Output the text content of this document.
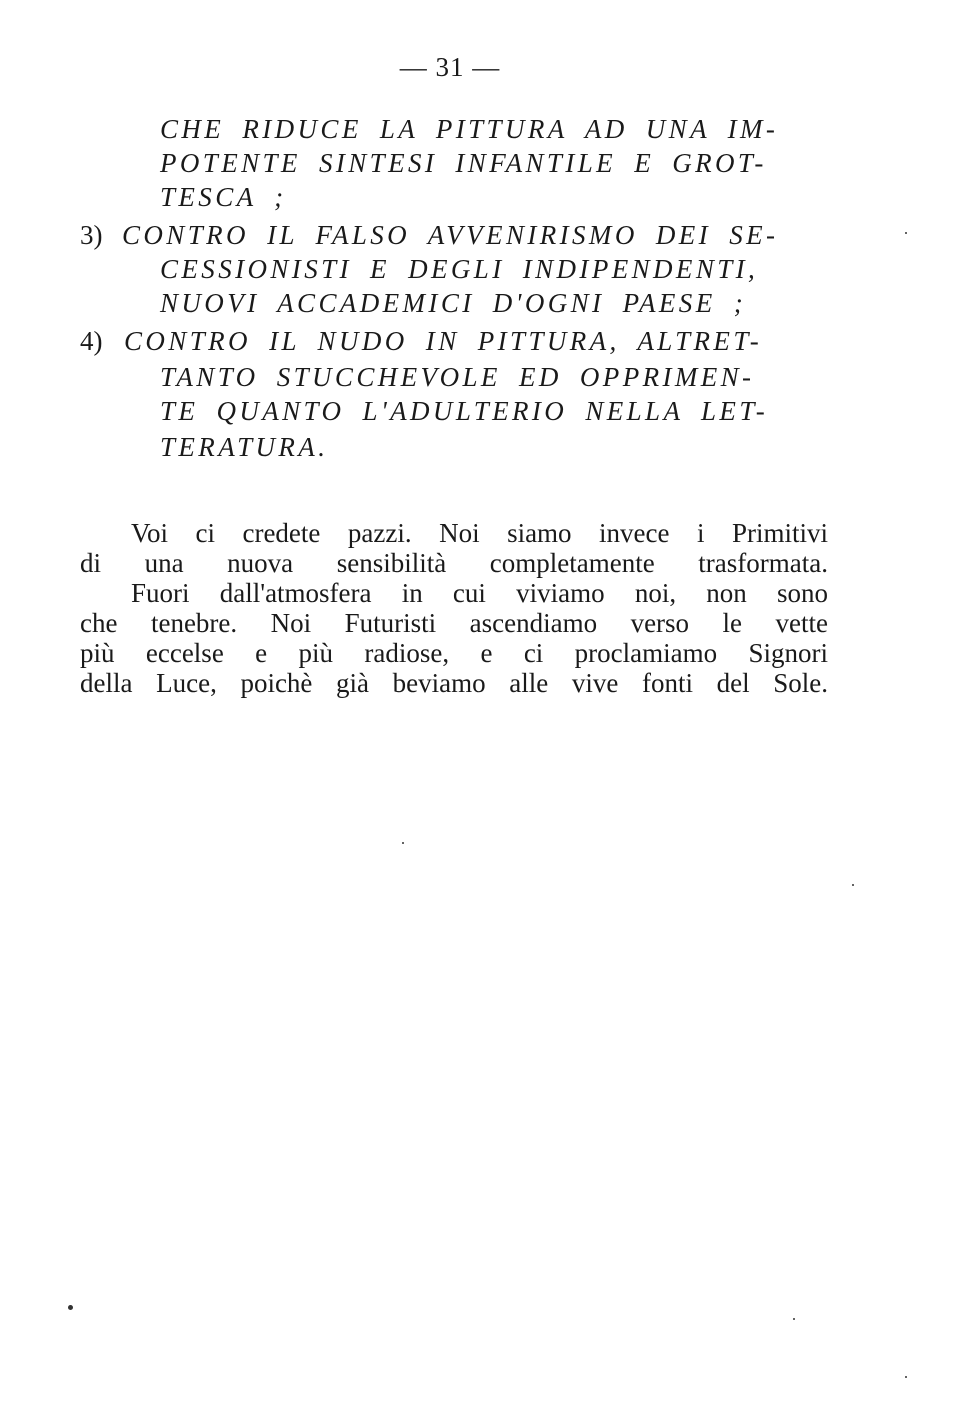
— 31 —
CHE RIDUCE LA PITTURA AD UNA IM-
POTENTE SINTESI INFANTILE E GROT-
TESCA ;
3) CONTRO IL FALSO AVVENIRISMO DEI SE-
CESSIONISTI E DEGLI INDIPENDENTI,
NUOVI ACCADEMICI D'OGNI PAESE ;
4) CONTRO IL NUDO IN PITTURA, ALTRET-
TANTO STUCCHEVOLE ED OPPRIMEN-
TE QUANTO L'ADULTERIO NELLA LET-
TERATURA.
Voi ci credete pazzi. Noi siamo invece i Primitivi
di una nuova sensibilità completamente trasformata.
Fuori dall'atmosfera in cui viviamo noi, non sono
che tenebre. Noi Futuristi ascendiamo verso le vette
più eccelse e più radiose, e ci proclamiamo Signori
della Luce, poichè già beviamo alle vive fonti del Sole.
